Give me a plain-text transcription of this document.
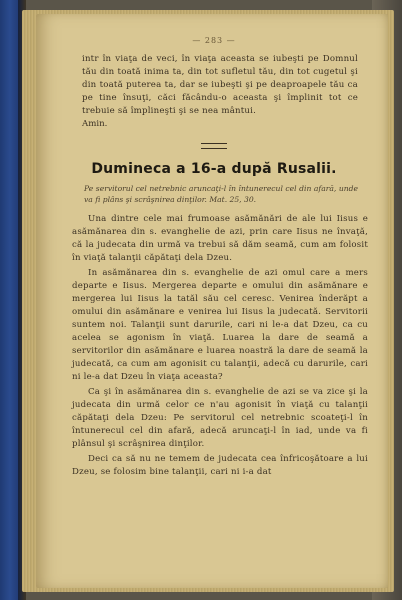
— 283 —

intr în viaţa de veci, în viaţa aceasta se iubeşti pe Domnul tău din toată inima ta, din tot sufletul tău, din tot cugetul şi din toată puterea ta, dar se iubeşti şi pe deaproapele tău ca pe tine însuţi, căci făcându-o aceasta şi împlinit tot ce trebuie să împlineşti şi se nea mântui.

Amin.
Dumineca a 16-a după Rusalii.

Pe servitorul cel netrebnic aruncaţi-l în întunerecul cel din afară, unde va fi plâns şi scrâşnirea dinţilor. Mat. 25, 30.

Una dintre cele mai frumoase asămănări de ale lui Iisus e asămănarea din s. evanghelie de azi, prin care Iisus ne învaţă, că la judecata din urmă va trebui să dăm seamă, cum am folosit în viaţă talanţii căpătaţi dela Dzeu.

In asămănarea din s. evanghelie de azi omul care a mers departe e Iisus. Mergerea departe e omului din asămănare e mergerea lui Iisus la tatăl său cel ceresc. Venirea înderăpt a omului din asămănare e venirea lui Iisus la judecată. Servitorii suntem noi. Talanţii sunt darurile, cari ni le-a dat Dzeu, ca cu acelea se agonism în viaţă. Luarea la dare de seamă a servitorilor din asămănare e luarea noastră la dare de seamă la judecată, ca cum am agonisit cu talanţii, adecă cu darurile, cari ni le-a dat Dzeu în viaţa aceasta?

Ca şi în asămănarea din s. evanghelie de azi se va zice şi la judecata din urmă celor ce n'au agonisit în viaţă cu talanţii căpătaţi dela Dzeu: Pe servitorul cel netrebnic scoateţi-l în întunerecul cel din afară, adecă aruncaţi-l în iad, unde va fi plânsul şi scrâşnirea dinţilor.

Deci ca să nu ne temem de judecata cea înfricoşătoare a lui Dzeu, se folosim bine talanţii, cari ni i-a dat
